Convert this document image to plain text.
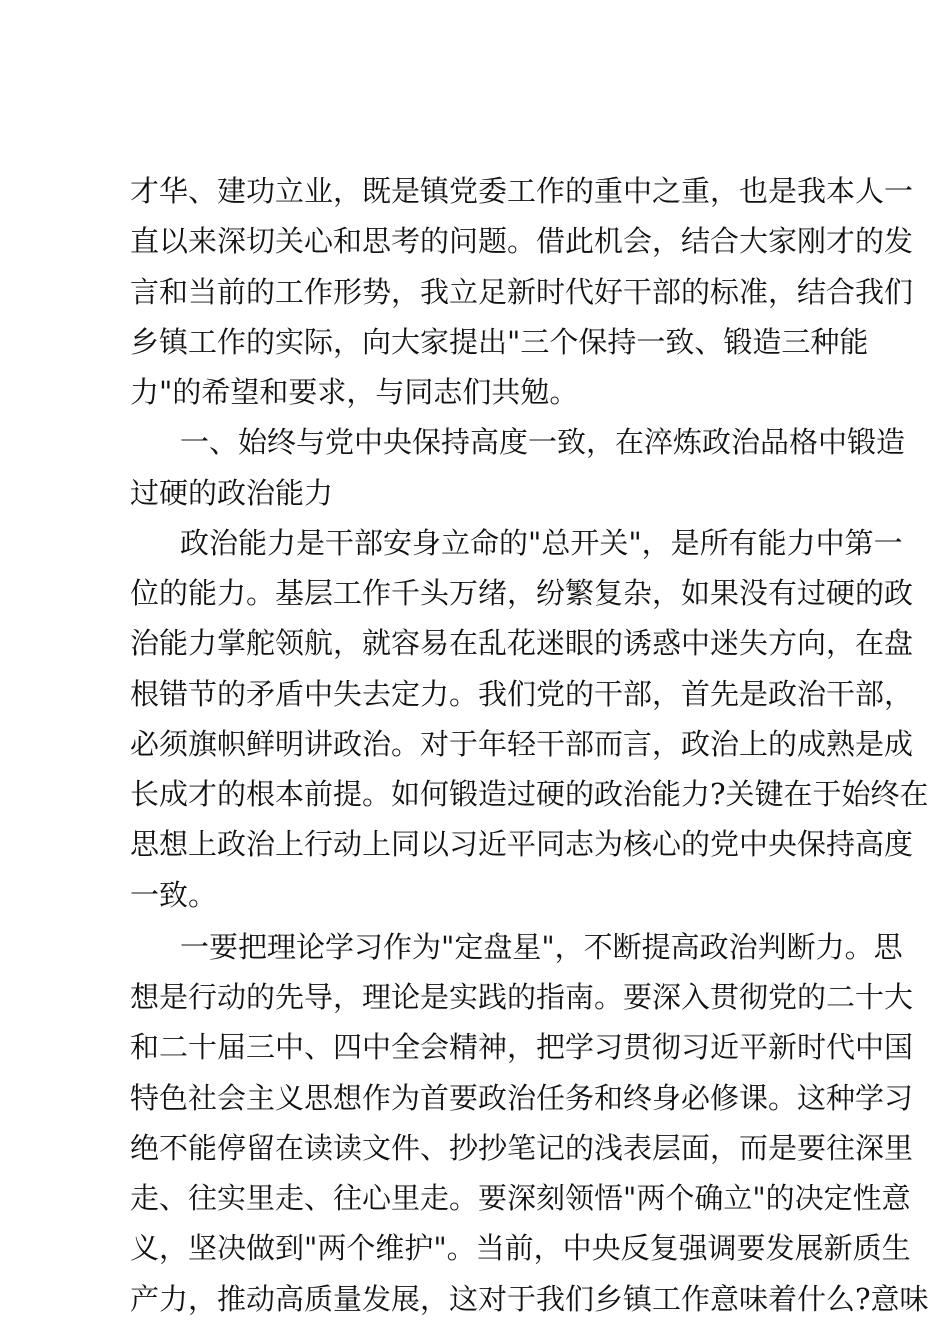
才华、建功立业，既是镇党委工作的重中之重，也是我本人一
直以来深切关心和思考的问题。借此机会，结合大家刚才的发
言和当前的工作形势，我立足新时代好干部的标准，结合我们
乡镇工作的实际，向大家提出"三个保持一致、锻造三种能
力"的希望和要求，与同志们共勉。
一、始终与党中央保持高度一致，在淬炼政治品格中锻造
过硬的政治能力
政治能力是干部安身立命的"总开关"，是所有能力中第一
位的能力。基层工作千头万绪，纷繁复杂，如果没有过硬的政
治能力掌舵领航，就容易在乱花迷眼的诱惑中迷失方向，在盘
根错节的矛盾中失去定力。我们党的干部，首先是政治干部，
必须旗帜鲜明讲政治。对于年轻干部而言，政治上的成熟是成
长成才的根本前提。如何锻造过硬的政治能力?关键在于始终在
思想上政治上行动上同以习近平同志为核心的党中央保持高度
一致。
一要把理论学习作为"定盘星"，不断提高政治判断力。思
想是行动的先导，理论是实践的指南。要深入贯彻党的二十大
和二十届三中、四中全会精神，把学习贯彻习近平新时代中国
特色社会主义思想作为首要政治任务和终身必修课。这种学习
绝不能停留在读读文件、抄抄笔记的浅表层面，而是要往深里
走、往实里走、往心里走。要深刻领悟"两个确立"的决定性意
义，坚决做到"两个维护"。当前，中央反复强调要发展新质生
产力，推动高质量发展，这对于我们乡镇工作意味着什么?意味
